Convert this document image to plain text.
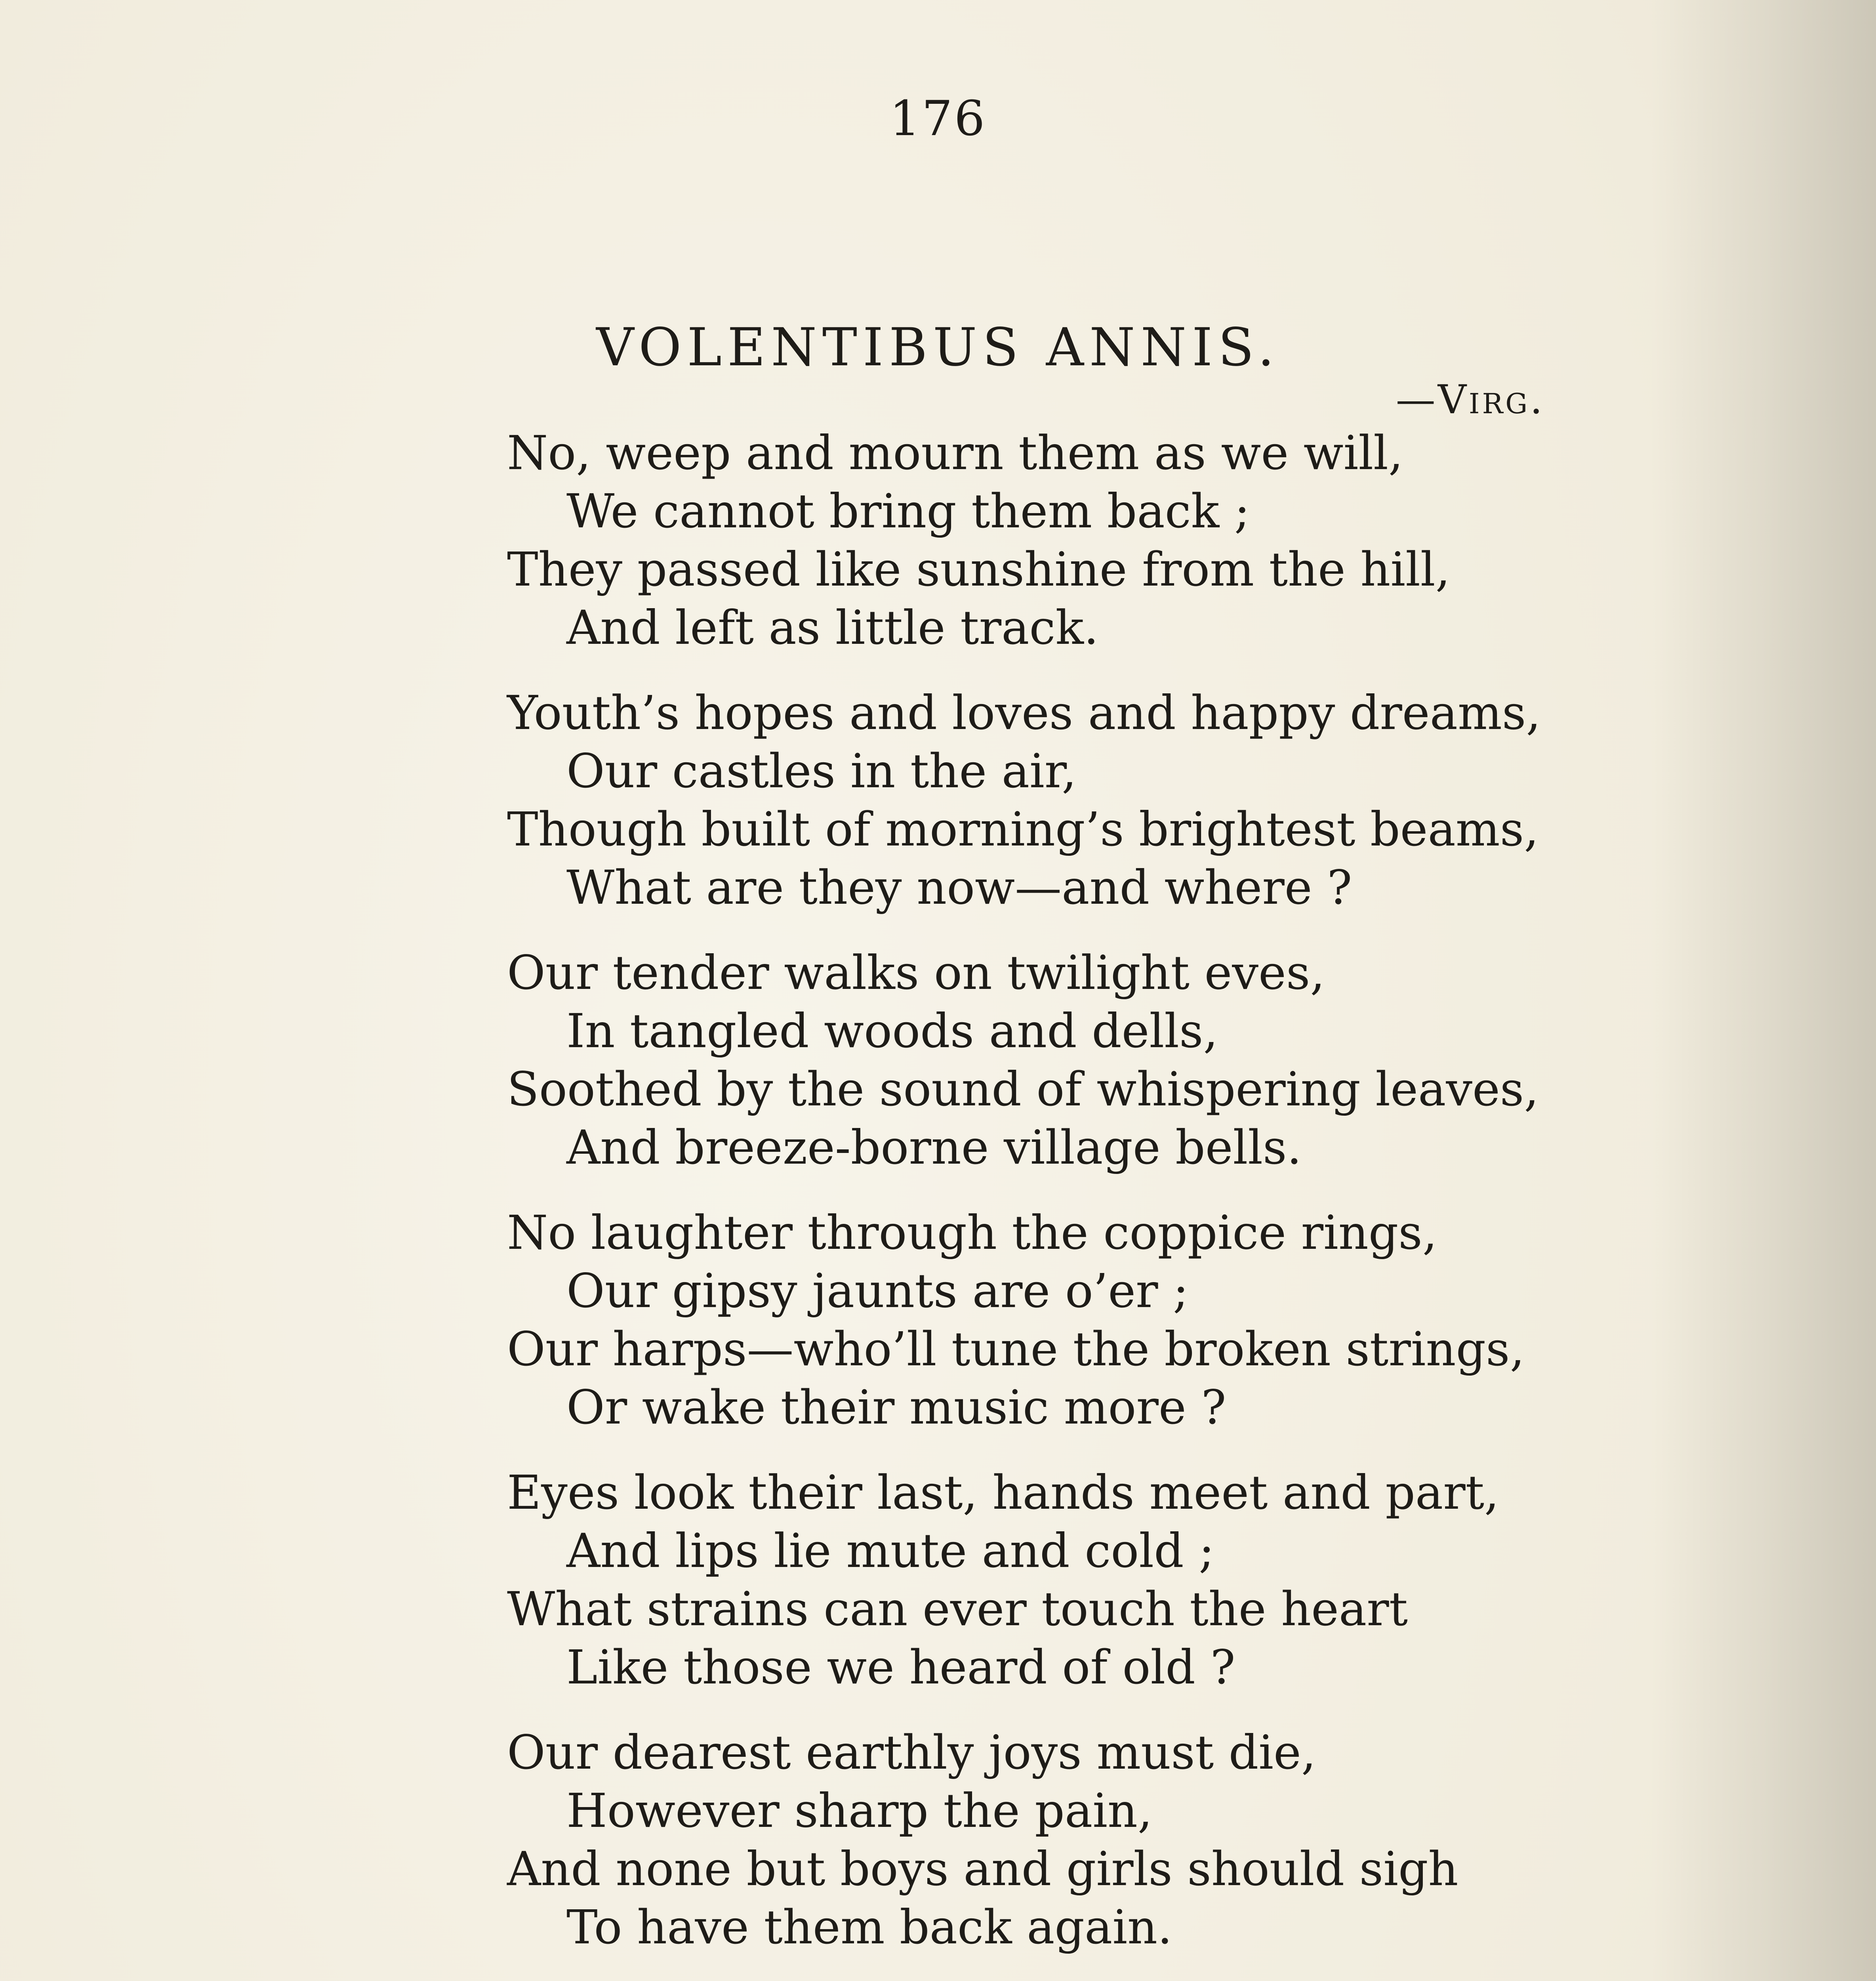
176
VOLENTIBUS ANNIS.
—Virg.
No, weep and mourn them as we will,
We cannot bring them back ;
They passed like sunshine from the hill,
And left as little track.
Youth’s hopes and loves and happy dreams,
Our castles in the air,
Though built of morning’s brightest beams,
What are they now—and where ?
Our tender walks on twilight eves,
In tangled woods and dells,
Soothed by the sound of whispering leaves,
And breeze-borne village bells.
No laughter through the coppice rings,
Our gipsy jaunts are o’er ;
Our harps—who’ll tune the broken strings,
Or wake their music more ?
Eyes look their last, hands meet and part,
And lips lie mute and cold ;
What strains can ever touch the heart
Like those we heard of old ?
Our dearest earthly joys must die,
However sharp the pain,
And none but boys and girls should sigh
To have them back again.
